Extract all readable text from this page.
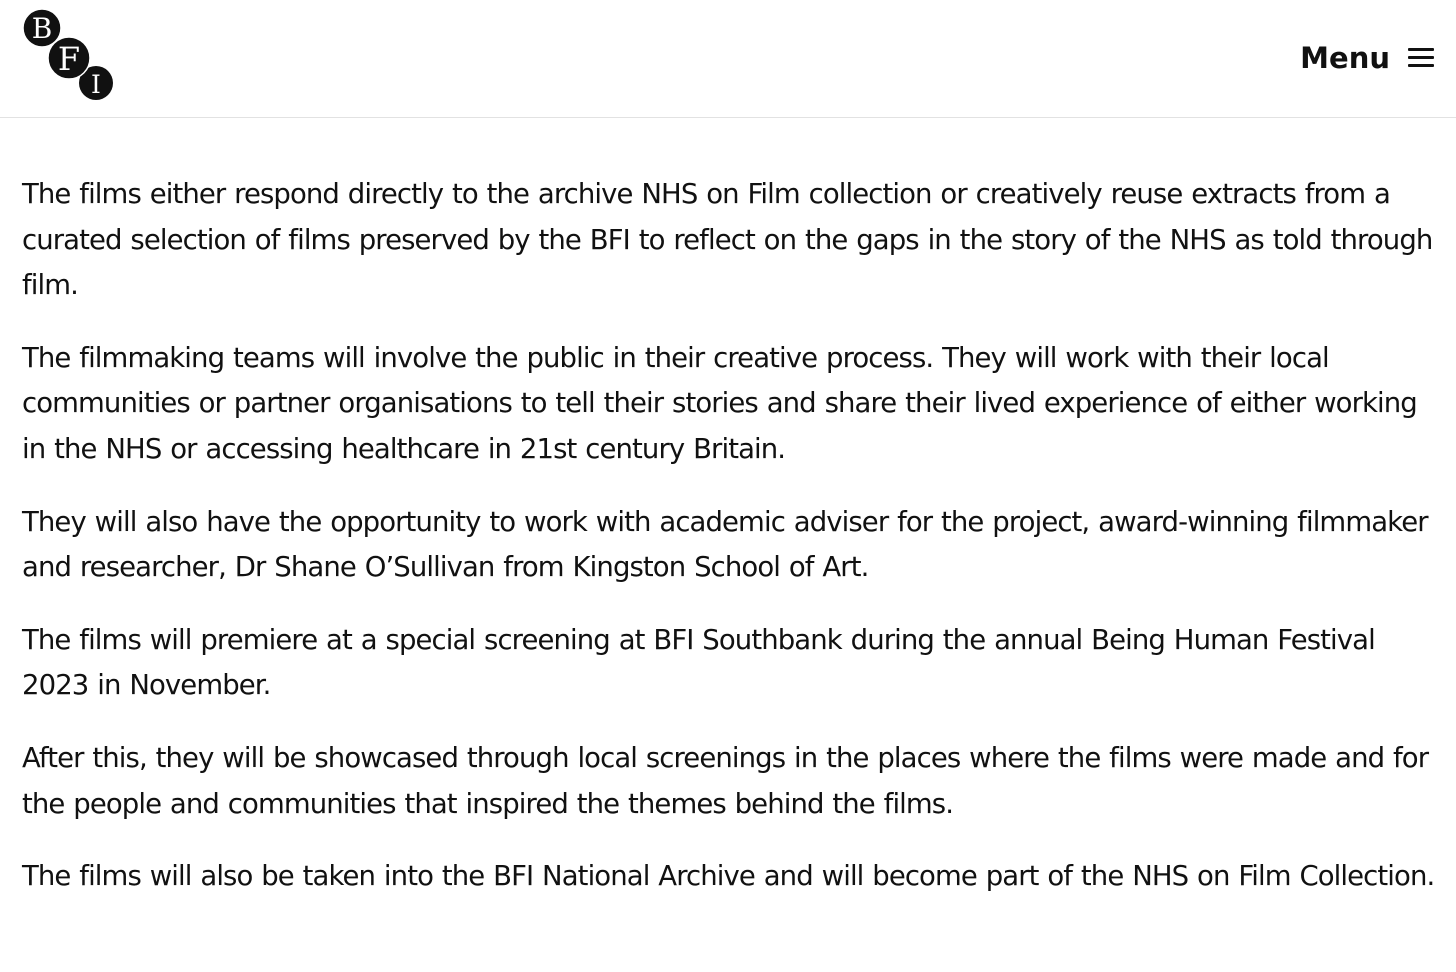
B
F
I
Menu

The films either respond directly to the archive NHS on Film collection or creatively reuse extracts from a curated selection of films preserved by the BFI to reflect on the gaps in the story of the NHS as told through film.

The filmmaking teams will involve the public in their creative process. They will work with their local communities or partner organisations to tell their stories and share their lived experience of either working in the NHS or accessing healthcare in 21st century Britain.

They will also have the opportunity to work with academic adviser for the project, award-winning filmmaker and researcher, Dr Shane O’Sullivan from Kingston School of Art.

The films will premiere at a special screening at BFI Southbank during the annual Being Human Festival 2023 in November.

After this, they will be showcased through local screenings in the places where the films were made and for the people and communities that inspired the themes behind the films.

The films will also be taken into the BFI National Archive and will become part of the NHS on Film Collection.
